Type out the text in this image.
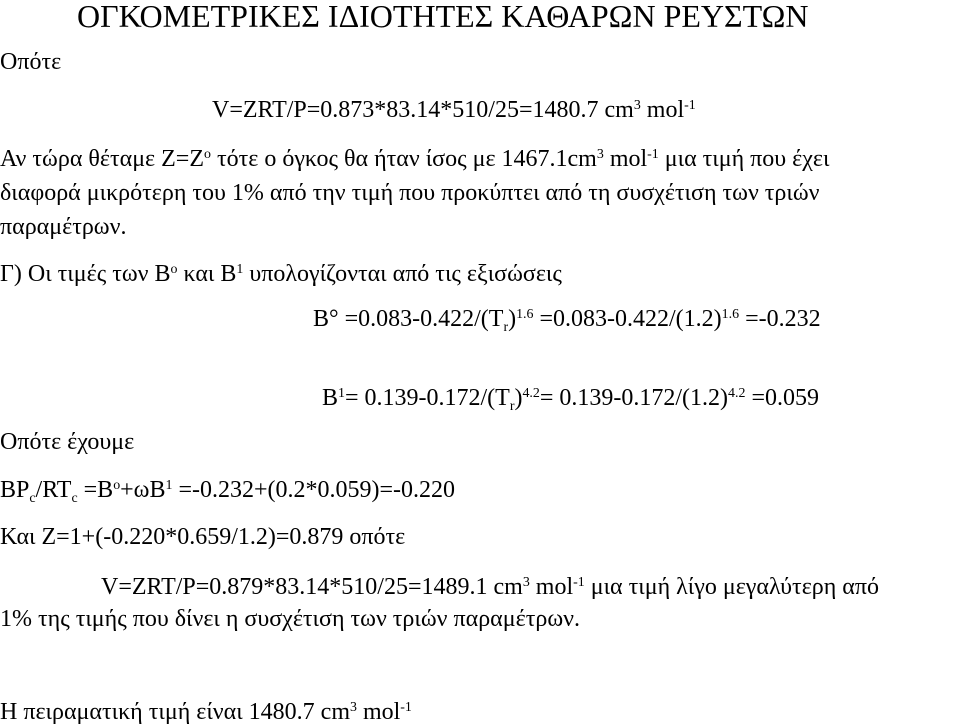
ΟΓΚΟΜΕΤΡΙΚΕΣ ΙΔΙΟΤΗΤΕΣ ΚΑΘΑΡΩΝ ΡΕΥΣΤΩΝ
Οπότε
V=ZRT/P=0.873*83.14*510/25=1480.7 $cm^3$ mol$^{-1}$
Αν τώρα θέταμε $Z=Z^o$ τότε ο όγκος θα ήταν ίσος με $1467.1cm^3$ mol$^{-1}$ μια τιμή που έχει
διαφορά μικρότερη του 1% από την τιμή που προκύπτει από τη συσχέτιση των τριών
παραμέτρων.
Γ) Οι τιμές των $B^o$ και $B^1$ υπολογίζονται από τις εξισώσεις
$B^\circ =0.083-0.422/(T_r)^{1.6} =0.083-0.422/(1.2)^{1.6} =-0.232$
$B^1= 0.139-0.172/(T_r)^{4.2}= 0.139-0.172/(1.2)^{4.2} =0.059$
Οπότε έχουμε
$BP_c/RT_c =B^o+\omega B^1 =-0.232+(0.2*0.059)=-0.220$
Και Z=1+(-0.220*0.659/1.2)=0.879 οπότε
V=ZRT/P=0.879*83.14*510/25=1489.1 $cm^3$ mol$^{-1}$ μια τιμή λίγο μεγαλύτερη από
1% της τιμής που δίνει η συσχέτιση των τριών παραμέτρων.
Η πειραματική τιμή είναι 1480.7 $cm^3$ mol$^{-1}$
